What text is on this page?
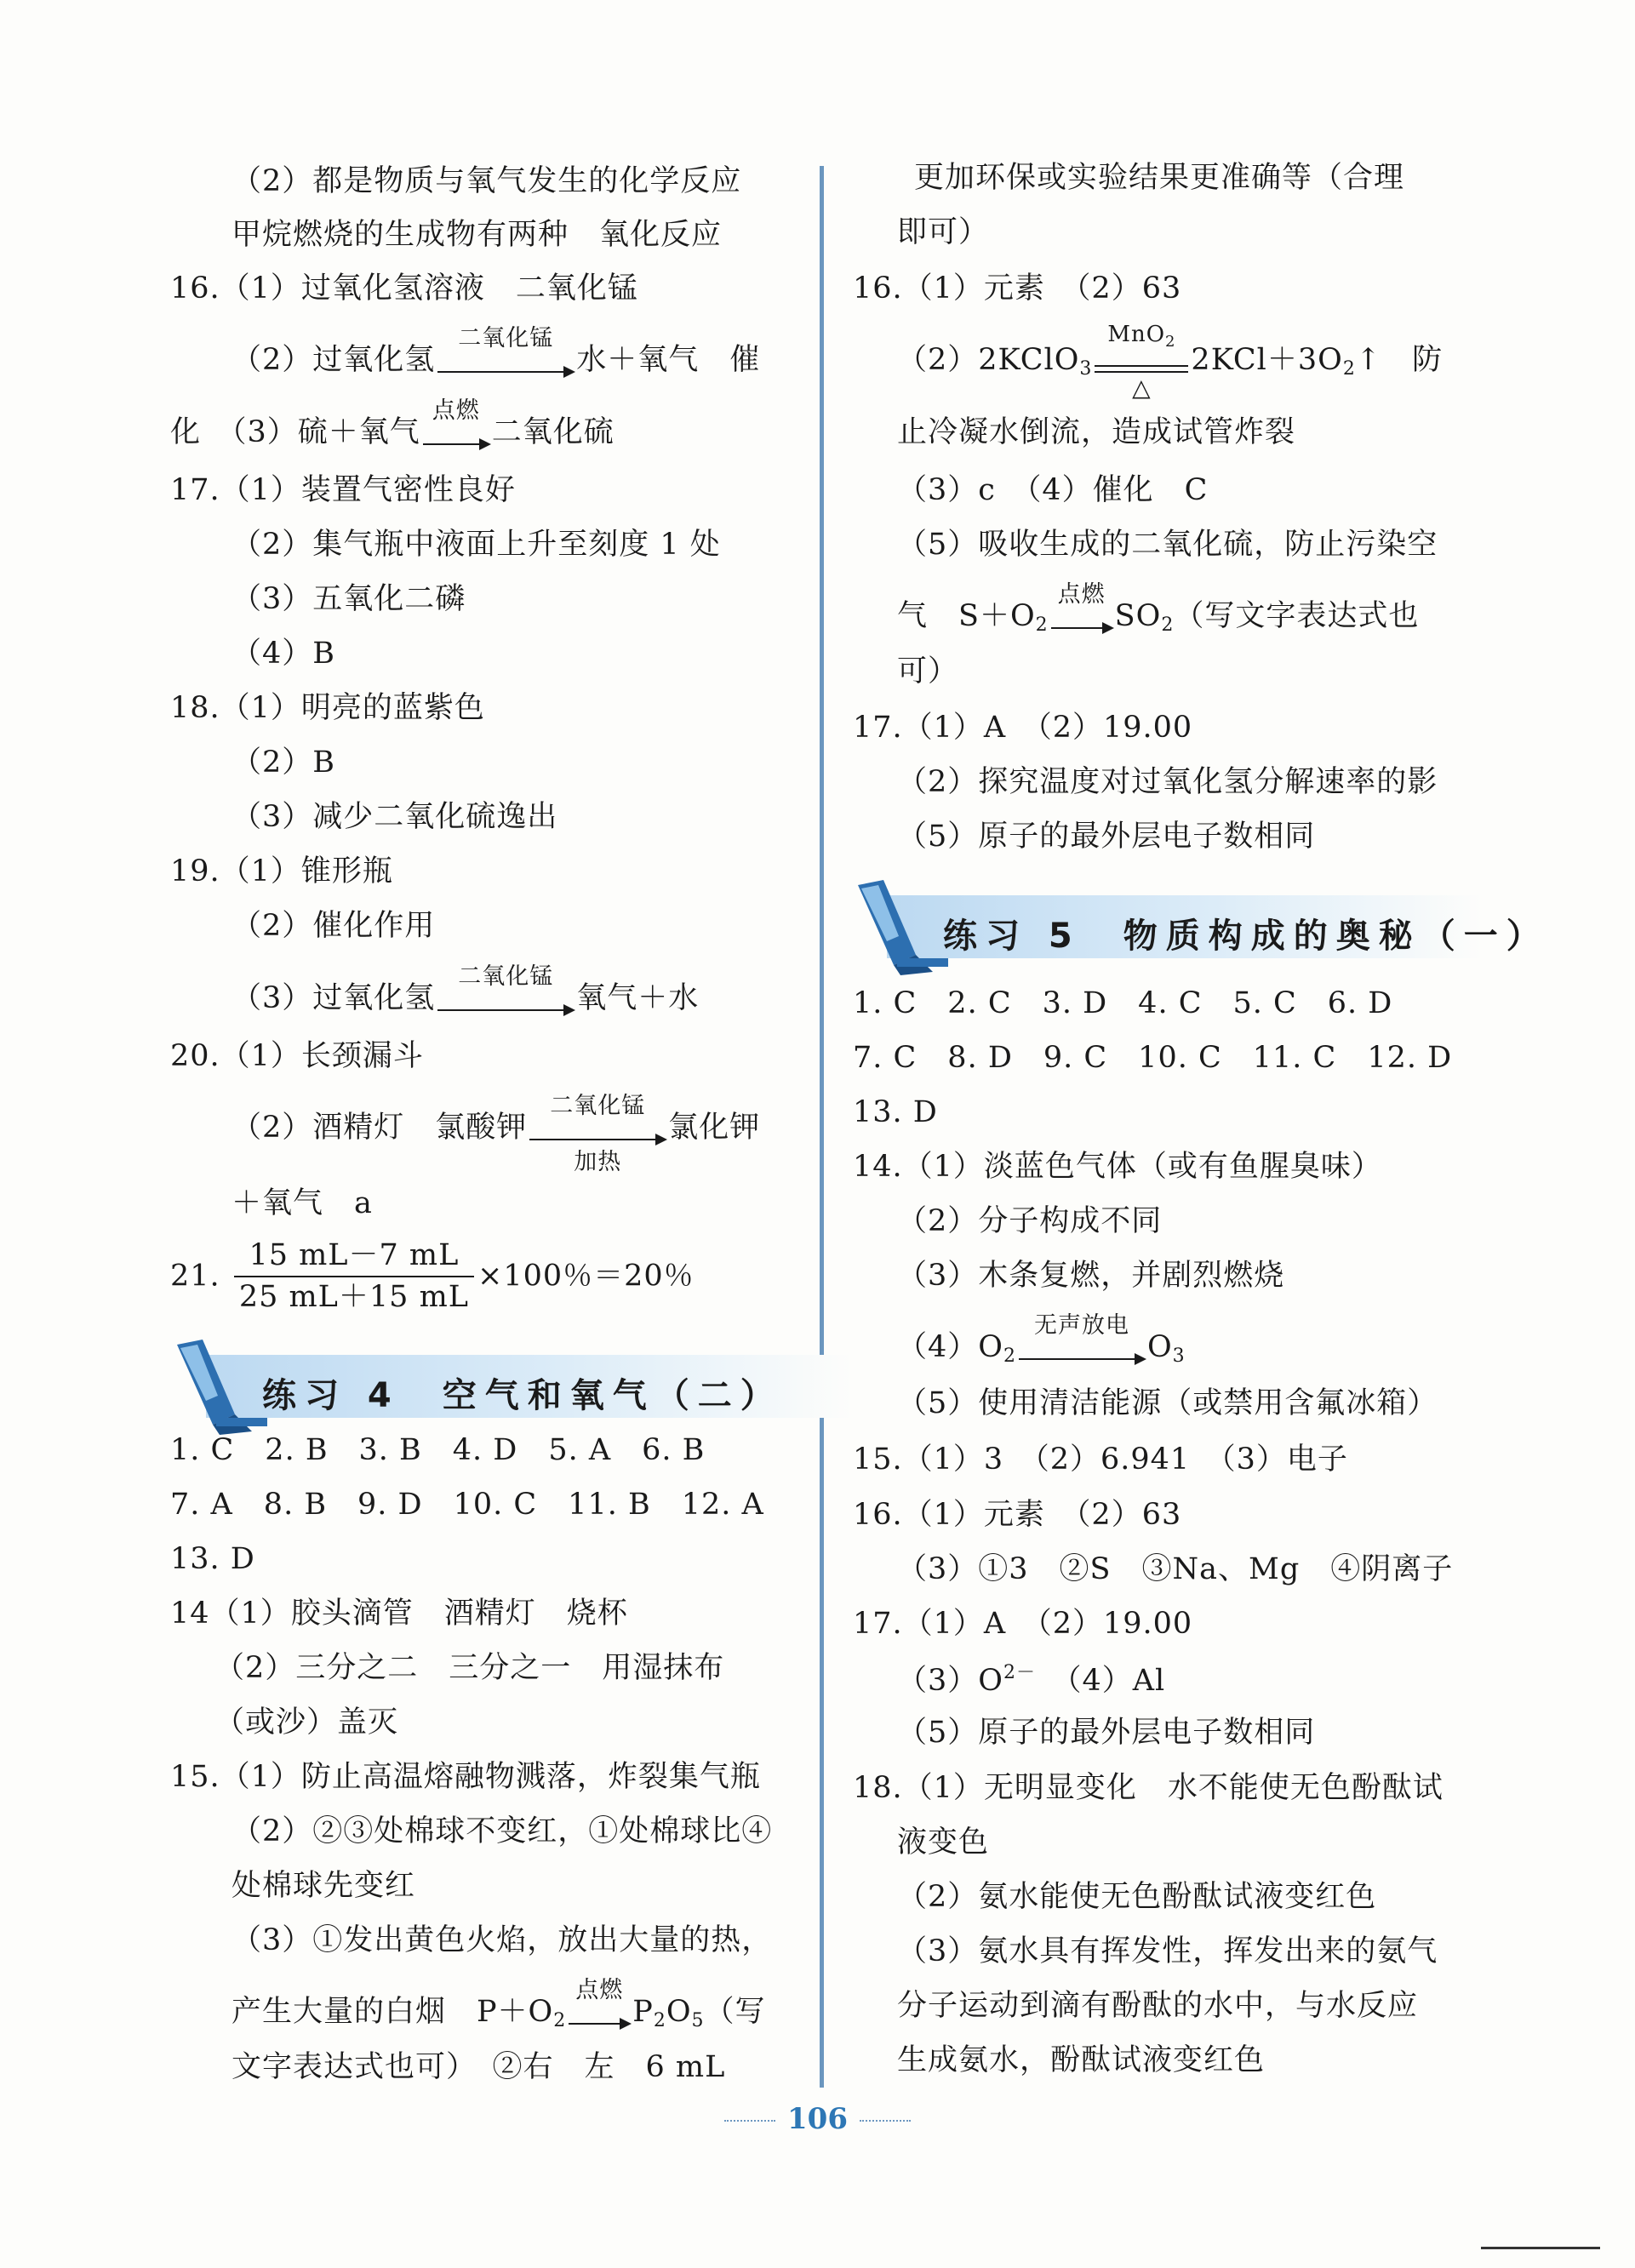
（2）都是物质与氧气发生的化学反应
甲烷燃烧的生成物有两种　氧化反应
16.（1）过氧化氢溶液　二氧化锰
（2）过氧化氢
二氧化锰
水＋氧气　催
化　（3）硫＋氧气
点燃
二氧化硫
17.（1）装置气密性良好
（2）集气瓶中液面上升至刻度 1 处
（3）五氧化二磷
（4）B
18.（1）明亮的蓝紫色
（2）B
（3）减少二氧化硫逸出
19.（1）锥形瓶
（2）催化作用
（3）过氧化氢
二氧化锰
氧气＋水
20.（1）长颈漏斗
（2）酒精灯　氯酸钾
二氧化锰
加热
氯化钾
＋氧气　a
21. $\frac{15 mL-7 mL}{25 mL+15 mL} \times 100$％＝20％
练习 4　空气和氧气（二）
1. C　2. B　3. B　4. D　5. A　6. B
7. A　8. B　9. D　10. C　11. B　12. A
13. D
14（1）胶头滴管　酒精灯　烧杯
（2）三分之二　三分之一　用湿抹布
（或沙）盖灭
15.（1）防止高温熔融物溅落，炸裂集气瓶
（2）②③处棉球不变红，①处棉球比④
处棉球先变红
（3）①发出黄色火焰，放出大量的热，
产生大量的白烟　$P+O_2$
点燃
$P_2O_5$（写
文字表达式也可）　②右　左　6 mL
更加环保或实验结果更准确等（合理
即可）
16.（1）元素　（2）63
（2）2KClO$_3$
MnO$_2$
△
$2KCl+3O_2↑$　防
止冷凝水倒流，造成试管炸裂
（3）c　（4）催化　C
（5）吸收生成的二氧化硫，防止污染空
气　$S+O_2$
点燃
$SO_2$（写文字表达式也
可）
17.（1）A　（2）19.00
（2）探究温度对过氧化氢分解速率的影
（5）原子的最外层电子数相同
练习 5　物质构成的奥秘（一）
1. C　2. C　3. D　4. C　5. C　6. D
7. C　8. D　9. C　10. C　11. C　12. D
13. D
14.（1）淡蓝色气体（或有鱼腥臭味）
（2）分子构成不同
（3）木条复燃，并剧烈燃烧
$(4)O_2$
无声放电
$O_3$
（5）使用清洁能源（或禁用含氟冰箱）
15.（1）3　（2）6.941　（3）电子
16.（1）元素　（2）63
（3）①3　②S　③Na、Mg　④阴离子
17.（1）A　（2）19.00
$(3)O^{2-}$　（4）Al
（5）原子的最外层电子数相同
18.（1）无明显变化　水不能使无色酚酞试
液变色
（2）氨水能使无色酚酞试液变红色
（3）氨水具有挥发性，挥发出来的氨气
分子运动到滴有酚酞的水中，与水反应
生成氨水，酚酞试液变红色
106
